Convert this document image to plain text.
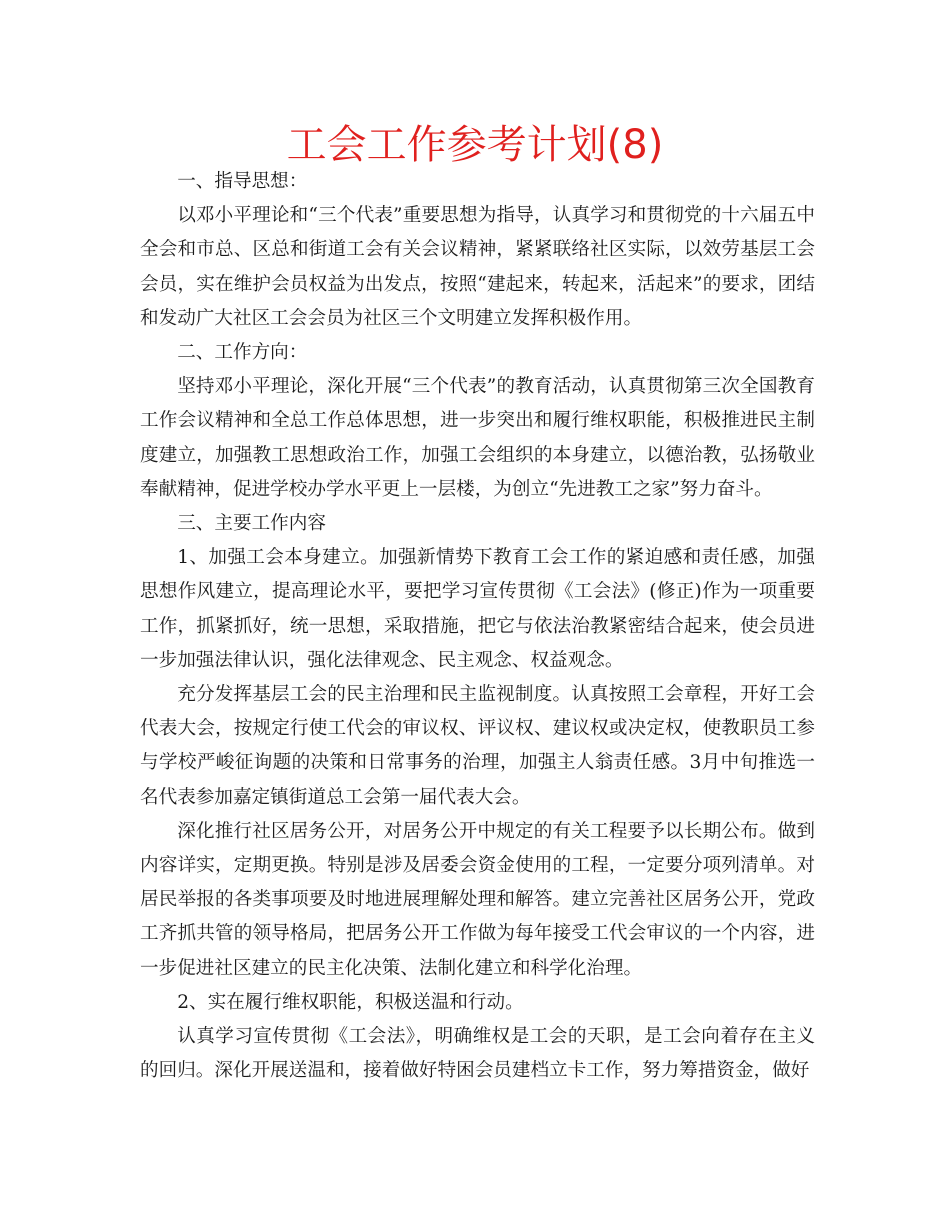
工会工作参考计划(8)

一、指导思想：

以邓小平理论和“三个代表”重要思想为指导，认真学习和贯彻党的十六届五中全会和市总、区总和街道工会有关会议精神，紧紧联络社区实际，以效劳基层工会会员，实在维护会员权益为出发点，按照“建起来，转起来，活起来”的要求，团结和发动广大社区工会会员为社区三个文明建立发挥积极作用。

二、工作方向：

坚持邓小平理论，深化开展“三个代表”的教育活动，认真贯彻第三次全国教育工作会议精神和全总工作总体思想，进一步突出和履行维权职能，积极推进民主制度建立，加强教工思想政治工作，加强工会组织的本身建立，以德治教，弘扬敬业奉献精神，促进学校办学水平更上一层楼，为创立“先进教工之家”努力奋斗。

三、主要工作内容

1、加强工会本身建立。加强新情势下教育工会工作的紧迫感和责任感，加强思想作风建立，提高理论水平，要把学习宣传贯彻《工会法》(修正)作为一项重要工作，抓紧抓好，统一思想，采取措施，把它与依法治教紧密结合起来，使会员进一步加强法律认识，强化法律观念、民主观念、权益观念。

充分发挥基层工会的民主治理和民主监视制度。认真按照工会章程，开好工会代表大会，按规定行使工代会的审议权、评议权、建议权或决定权，使教职员工参与学校严峻征询题的决策和日常事务的治理，加强主人翁责任感。3月中旬推选一名代表参加嘉定镇街道总工会第一届代表大会。

深化推行社区居务公开，对居务公开中规定的有关工程要予以长期公布。做到内容详实，定期更换。特别是涉及居委会资金使用的工程，一定要分项列清单。对居民举报的各类事项要及时地进展理解处理和解答。建立完善社区居务公开，党政工齐抓共管的领导格局，把居务公开工作做为每年接受工代会审议的一个内容，进一步促进社区建立的民主化决策、法制化建立和科学化治理。

2、实在履行维权职能，积极送温和行动。

认真学习宣传贯彻《工会法》，明确维权是工会的天职，是工会向着存在主义的回归。深化开展送温和，接着做好特困会员建档立卡工作，努力筹措资金，做好
